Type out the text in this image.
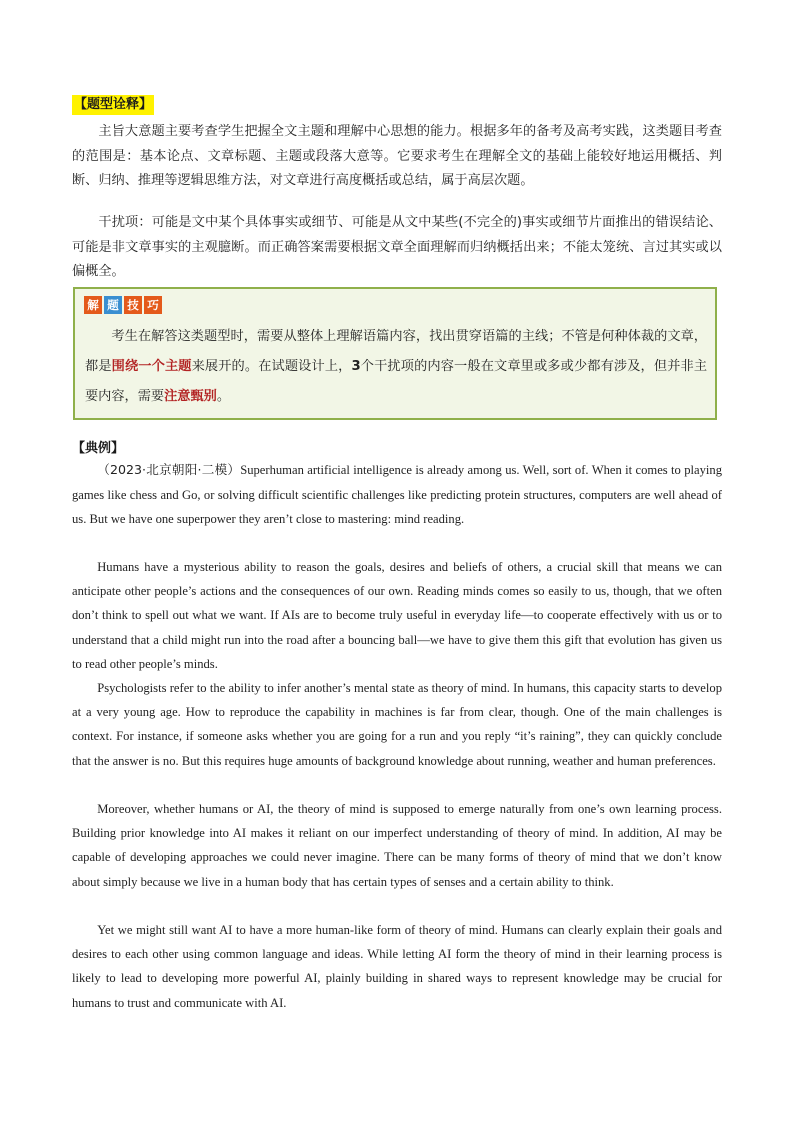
【题型诠释】

主旨大意题主要考查学生把握全文主题和理解中心思想的能力。根据多年的备考及高考实践，这类题目考查的范围是：基本论点、文章标题、主题或段落大意等。它要求考生在理解全文的基础上能较好地运用概括、判断、归纳、推理等逻辑思维方法，对文章进行高度概括或总结，属于高层次题。

干扰项：可能是文中某个具体事实或细节、可能是从文中某些(不完全的)事实或细节片面推出的错误结论、可能是非文章事实的主观臆断。而正确答案需要根据文章全面理解而归纳概括出来；不能太笼统、言过其实或以偏概全。

解 题 技 巧

考生在解答这类题型时，需要从整体上理解语篇内容，找出贯穿语篇的主线；不管是何种体裁的文章，都是围绕一个主题来展开的。在试题设计上，3个干扰项的内容一般在文章里或多或少都有涉及，但并非主要内容，需要注意甄别。

【典例】

（2023·北京朝阳·二模）Superhuman artificial intelligence is already among us. Well, sort of. When it comes to playing games like chess and Go, or solving difficult scientific challenges like predicting protein structures, computers are well ahead of us. But we have one superpower they aren’t close to mastering: mind reading.

Humans have a mysterious ability to reason the goals, desires and beliefs of others, a crucial skill that means we can anticipate other people’s actions and the consequences of our own. Reading minds comes so easily to us, though, that we often don’t think to spell out what we want. If AIs are to become truly useful in everyday life—to cooperate effectively with us or to understand that a child might run into the road after a bouncing ball—we have to give them this gift that evolution has given us to read other people’s minds.

Psychologists refer to the ability to infer another’s mental state as theory of mind. In humans, this capacity starts to develop at a very young age. How to reproduce the capability in machines is far from clear, though. One of the main challenges is context. For instance, if someone asks whether you are going for a run and you reply “it’s raining”, they can quickly conclude that the answer is no. But this requires huge amounts of background knowledge about running, weather and human preferences.

Moreover, whether humans or AI, the theory of mind is supposed to emerge naturally from one’s own learning process. Building prior knowledge into AI makes it reliant on our imperfect understanding of theory of mind. In addition, AI may be capable of developing approaches we could never imagine. There can be many forms of theory of mind that we don’t know about simply because we live in a human body that has certain types of senses and a certain ability to think.

Yet we might still want AI to have a more human-like form of theory of mind. Humans can clearly explain their goals and desires to each other using common language and ideas. While letting AI form the theory of mind in their learning process is likely to lead to developing more powerful AI, plainly building in shared ways to represent knowledge may be crucial for humans to trust and communicate with AI.
